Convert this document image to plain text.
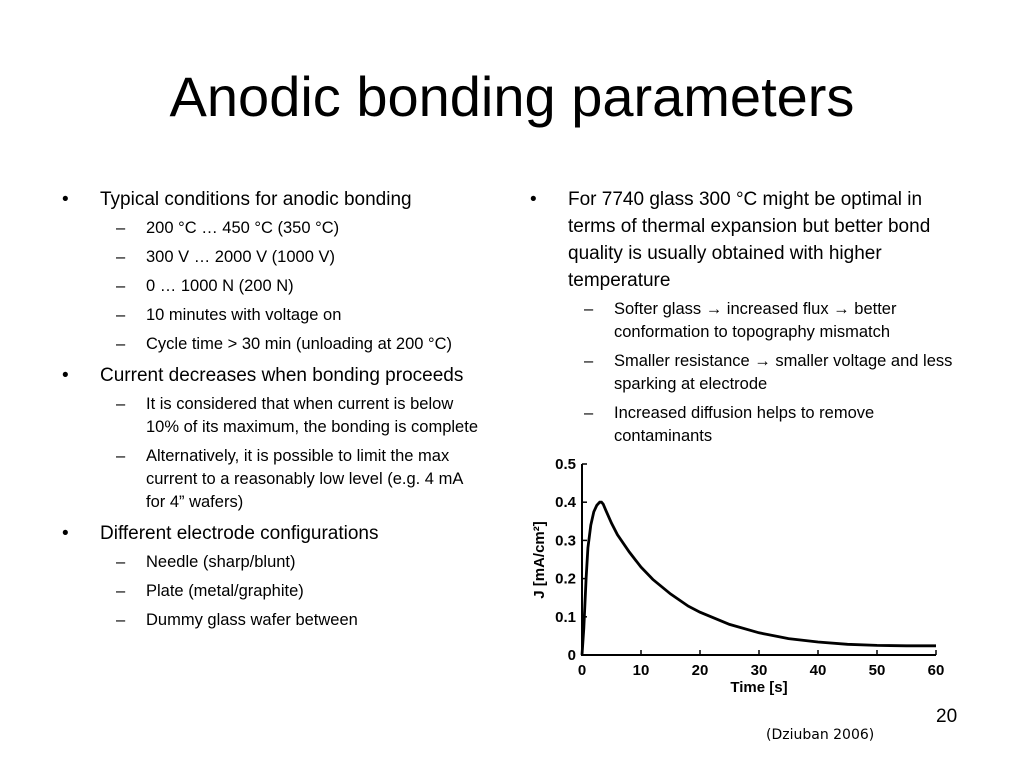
Anodic bonding parameters
• Typical conditions for anodic bonding
– 200 °C … 450 °C (350 °C)
– 300 V … 2000 V (1000 V)
– 0 … 1000 N (200 N)
– 10 minutes with voltage on
– Cycle time > 30 min (unloading at 200 °C)
• Current decreases when bonding proceeds
– It is considered that when current is below 10% of its maximum, the bonding is complete
– Alternatively, it is possible to limit the max current to a reasonably low level (e.g. 4 mA for 4” wafers)
• Different electrode configurations
– Needle (sharp/blunt)
– Plate (metal/graphite)
– Dummy glass wafer between
• For 7740 glass 300 °C might be optimal in terms of thermal expansion but better bond quality is usually obtained with higher temperature
– Softer glass → increased flux → better conformation to topography mismatch
– Smaller resistance → smaller voltage and less sparking at electrode
– Increased diffusion helps to remove contaminants
0	10	20	30	40	50	60
0
0.1
0.2
0.3
0.4
0.5
Time [s]
J [mA/cm²]
20
(Dziuban 2006)
